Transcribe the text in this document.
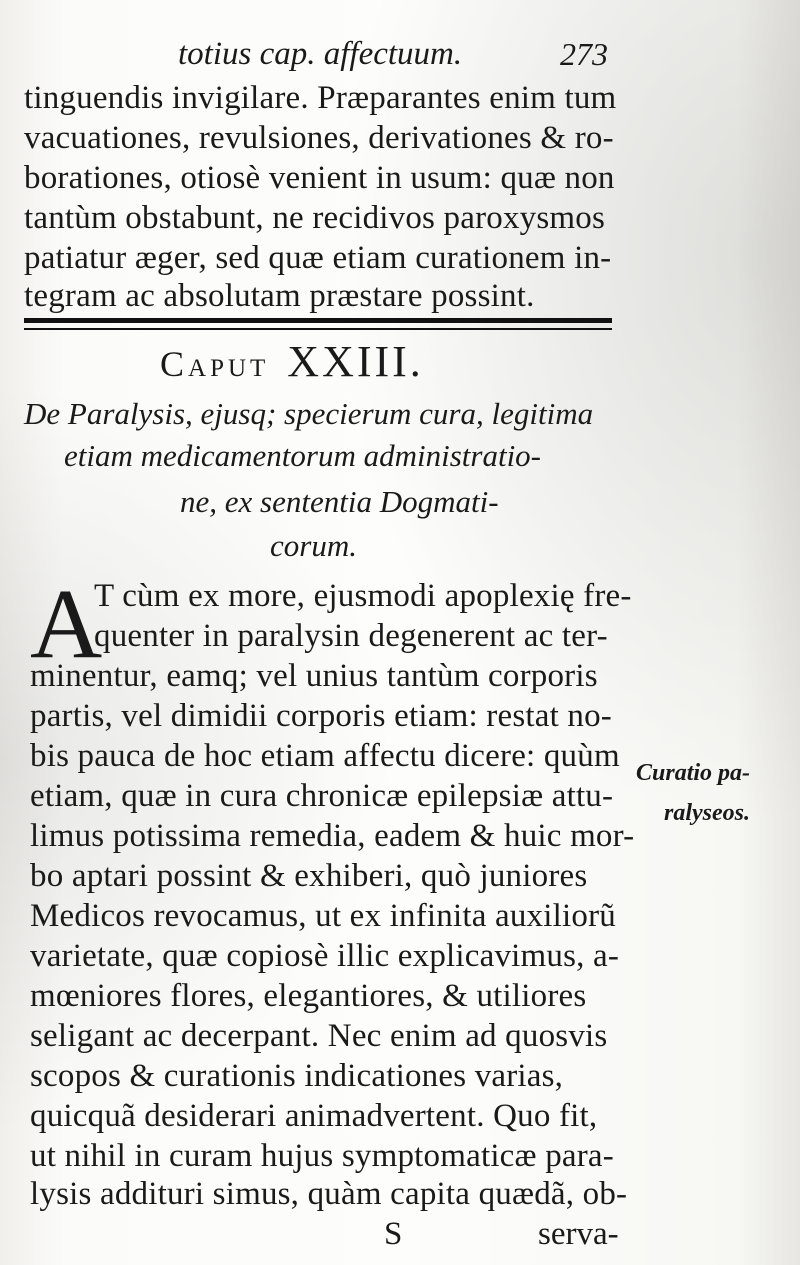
totius cap. affectuum.	273
tinguendis invigilare. Præparantes enim tum
vacuationes, revulsiones, derivationes & ro-
borationes, otiosè venient in usum: quæ non
tantùm obstabunt, ne recidivos paroxysmos
patiatur æger, sed quæ etiam curationem in-
tegram ac absolutam præstare possint.
Caput XXIII.
De Paralysis, ejusq; specierum cura, legitima
etiam medicamentorum administratio-
ne, ex sententia Dogmati-
corum.
A
T cùm ex more, ejusmodi apoplexię fre-
quenter in paralysin degenerent ac ter-
minentur, eamq; vel unius tantùm corporis
partis, vel dimidii corporis etiam: restat no-
bis pauca de hoc etiam affectu dicere: quùm
etiam, quæ in cura chronicæ epilepsiæ attu-
limus potissima remedia, eadem & huic mor-
bo aptari possint & exhiberi, quò juniores
Medicos revocamus, ut ex infinita auxiliorũ
varietate, quæ copiosè illic explicavimus, a-
mœniores flores, elegantiores, & utiliores
seligant ac decerpant. Nec enim ad quosvis
scopos & curationis indicationes varias,
quicquã desiderari animadvertent. Quo fit,
ut nihil in curam hujus symptomaticæ para-
lysis addituri simus, quàm capita quædã, ob-
Curatio pa-
ralyseos.
S	serva-
